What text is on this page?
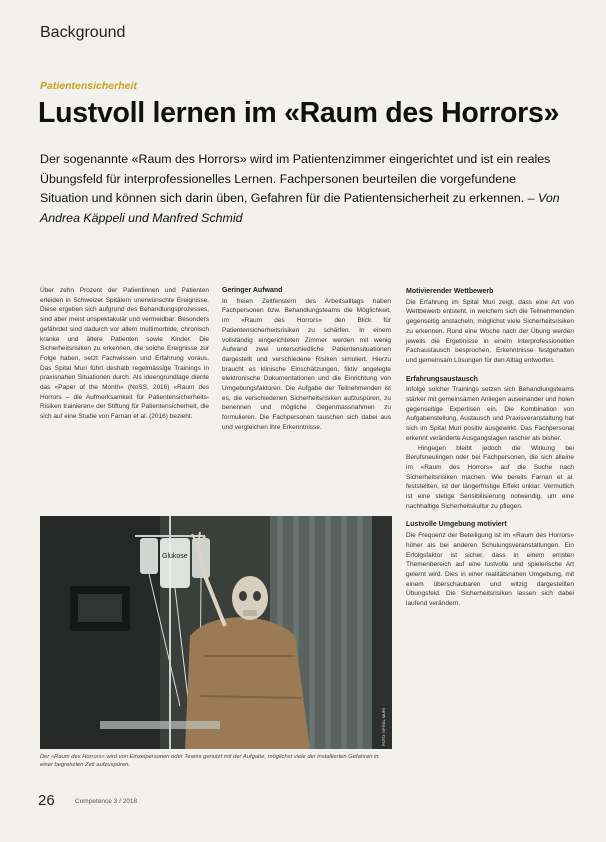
Background
Patientensicherheit
Lustvoll lernen im «Raum des Horrors»
Der sogenannte «Raum des Horrors» wird im Patientenzimmer eingerichtet und ist ein reales Übungsfeld für interprofessionelles Lernen. Fachpersonen beurteilen die vorgefundene Situation und können sich darin üben, Gefahren für die Patientensicherheit zu erkennen. – Von Andrea Käppeli und Manfred Schmid

Über zehn Prozent der Patientinnen und Patienten erleiden in Schweizer Spitälern unerwünschte Ereignisse. Diese ergeben sich aufgrund des Behandlungsprozesses, sind aber meist unspektakulär und vermeidbar. Besonders gefährdet sind dadurch vor allem multimorbide, chronisch kranke und ältere Patienten sowie Kinder. Die Sicherheitsrisiken zu erkennen, die solche Ereignisse zur Folge haben, setzt Fachwissen und Erfahrung voraus. Das Spital Muri führt deshalb regelmässige Trainings in praxisnahen Situationen durch. Als ideengrundlage diente das «Paper of the Month» (NoSS, 2016) «Raum des Horrors – die Aufmerksamkeit für Patientensicherheits-Risiken trainieren» der Stiftung für Patientensicherheit, die sich auf eine Studie von Farnan et al. (2016) bezieht.

Geringer Aufwand

In freien Zeitfenstern des Arbeitsalltags haben Fachpersonen bzw. Behandlungsteams die Möglichkeit, im «Raum des Horrors» den Blick für Patientensicherheitsrisiken zu schärfen. In einem vollständig eingerichteten Zimmer werden mit wenig Aufwand zwei unterschiedliche Patientensituationen dargestellt und verschiedene Risiken simuliert. Hierzu braucht es klinische Einschätzungen, fiktiv angelegte elektronische Dokumentationen und die Einrichtung von Umgebungsfaktoren. Die Aufgabe der Teilnehmenden ist es, die verschiedenen Sicherheitsrisiken aufzuspüren, zu benennen und mögliche Gegenmassnahmen zu formulieren. Die Fachpersonen tauschen sich dabei aus und vergleichen ihre Erkenntnisse.

Motivierender Wettbewerb

Die Erfahrung im Spital Muri zeigt, dass eine Art von Wettbewerb entsteht, in welchem sich die Teilnehmenden gegenseitig anstacheln, möglichst viele Sicherheitsrisiken zu erkennen. Rund eine Woche nach der Übung werden jeweils die Ergebnisse in einem interprofessionellen Fachaustausch besprochen, Erkenntnisse festgehalten und gemeinsam Lösungen für den Alltag entworfen.

Erfahrungsaustausch

Infolge solcher Trainings setzen sich Behandlungsteams stärker mit gemeinsamen Anliegen auseinander und holen gegenseitige Expertisen ein. Die Kombination von Aufgabenstellung, Austausch und Praxisveranstaltung hat sich im Spital Muri positiv ausgewirkt. Das Fachpersonal erkennt veränderte Ausgangslagen rascher als bisher.

Hingegen bleibt jedoch die Wirkung bei Berufsneulingen oder bei Fachpersonen, die sich alleine im «Raum des Horrors» auf die Suche nach Sicherheitsrisiken machen. Wie bereits Farnan et al. feststellten, ist der längerfristige Effekt unklar. Vermutlich ist eine stetige Sensibilisierung notwendig, um eine nachhaltige Sicherheitskultur zu pflegen.

Lustvolle Umgebung motiviert

Die Frequenz der Beteiligung ist im «Raum des Horrors» höher als bei anderen Schulungsveranstaltungen. Ein Erfolgsfaktor ist sicher, dass in einem ernsten Themenbereich auf eine lustvolle und spielerische Art gelernt wird. Dies in einer realitätsnahen Umgebung, mit einem überschaubaren und witzig dargestellten Übungsfeld. Die Sicherheitsrisiken lassen sich dabei laufend verändern.

Glukose
FOTO: SPITAL MURI
Der «Raum des Horrors» wird von Einzelpersonen oder Teams genutzt mit der Aufgabe, möglichst viele der installierten Gefahren in einer begrenzten Zeit aufzuspüren.
26	Competence 3 / 2018
